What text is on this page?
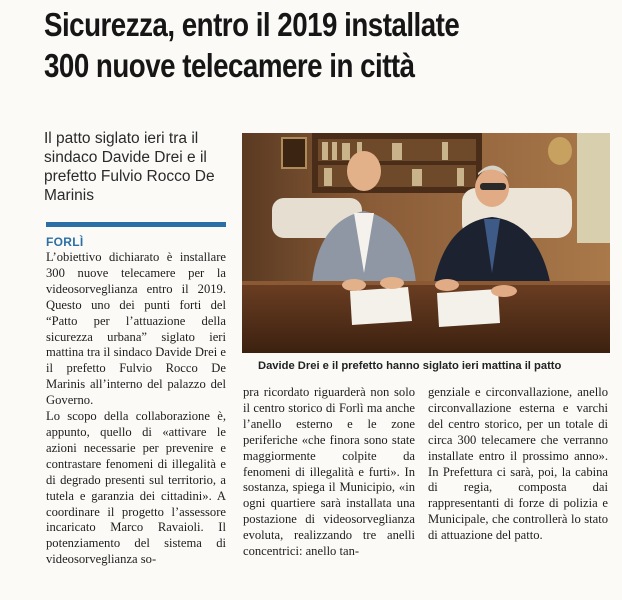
Sicurezza, entro il 2019 installate
300 nuove telecamere in città
Il patto siglato ieri tra il sindaco Davide Drei e il prefetto Fulvio Rocco De Marinis
FORLÌ

L’obiettivo dichiarato è installare 300 nuove telecamere per la videosorveglianza entro il 2019. Questo uno dei punti forti del “Patto per l’attuazione della sicurezza urbana” siglato ieri mattina tra il sindaco Davide Drei e il prefetto Fulvio Rocco De Marinis all’interno del palazzo del Governo.

Lo scopo della collaborazione è, appunto, quello di «attivare le azioni necessarie per prevenire e contrastare fenomeni di illegalità e di degrado presenti sul territorio, a tutela e garanzia dei cittadini». A coordinare il progetto l’assessore incaricato Marco Ravaioli. Il potenziamento del sistema di videosorveglianza so-

Davide Drei e il prefetto hanno siglato ieri mattina il patto

pra ricordato riguarderà non solo il centro storico di Forlì ma anche l’anello esterno e le zone periferiche «che finora sono state maggiormente colpite da fenomeni di illegalità e furti». In sostanza, spiega il Municipio, «in ogni quartiere sarà installata una postazione di videosorveglianza evoluta, realizzando tre anelli concentrici: anello tan-

genziale e circonvallazione, anello circonvallazione esterna e varchi del centro storico, per un totale di circa 300 telecamere che verranno installate entro il prossimo anno». In Prefettura ci sarà, poi, la cabina di regia, composta dai rappresentanti di forze di polizia e Municipale, che controllerà lo stato di attuazione del patto.
